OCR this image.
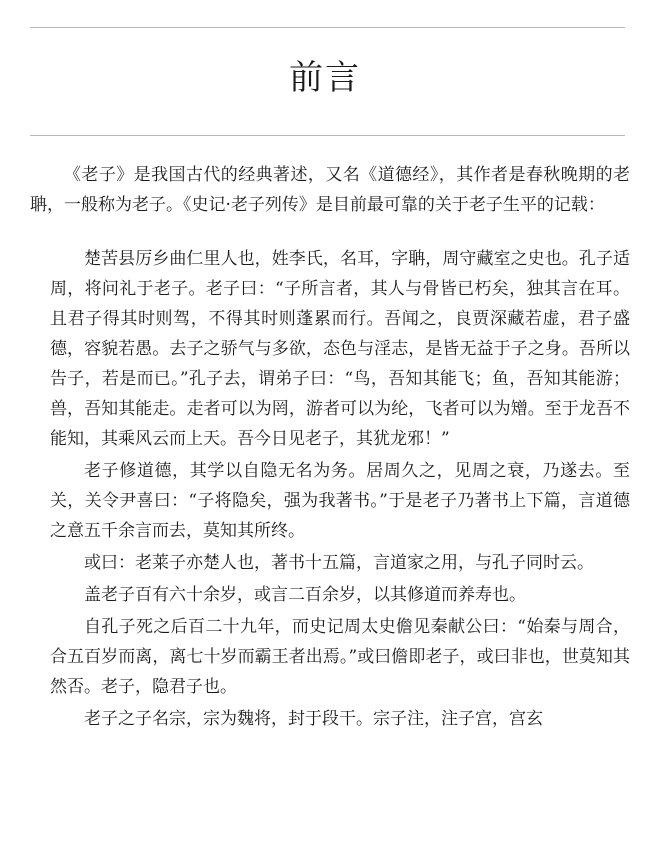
前言

《老子》是我国古代的经典著述，又名《道德经》，其作者是春秋晚期的老聃，一般称为老子。《史记·老子列传》是目前最可靠的关于老子生平的记载：

楚苦县厉乡曲仁里人也，姓李氏，名耳，字聃，周守藏室之史也。孔子适周，将问礼于老子。老子曰：“子所言者，其人与骨皆已朽矣，独其言在耳。且君子得其时则驾，不得其时则蓬累而行。吾闻之，良贾深藏若虚，君子盛德，容貌若愚。去子之骄气与多欲，态色与淫志，是皆无益于子之身。吾所以告子，若是而已。”孔子去，谓弟子曰：“鸟，吾知其能飞；鱼，吾知其能游；兽，吾知其能走。走者可以为罔，游者可以为纶，飞者可以为矰。至于龙吾不能知，其乘风云而上天。吾今日见老子，其犹龙邪！”

老子修道德，其学以自隐无名为务。居周久之，见周之衰，乃遂去。至关，关令尹喜曰：“子将隐矣，强为我著书。”于是老子乃著书上下篇，言道德之意五千余言而去，莫知其所终。

或曰：老莱子亦楚人也，著书十五篇，言道家之用，与孔子同时云。

盖老子百有六十余岁，或言二百余岁，以其修道而养寿也。

自孔子死之后百二十九年，而史记周太史儋见秦献公曰：“始秦与周合，合五百岁而离，离七十岁而霸王者出焉。”或曰儋即老子，或曰非也，世莫知其然否。老子，隐君子也。

老子之子名宗，宗为魏将，封于段干。宗子注，注子宫，宫玄
